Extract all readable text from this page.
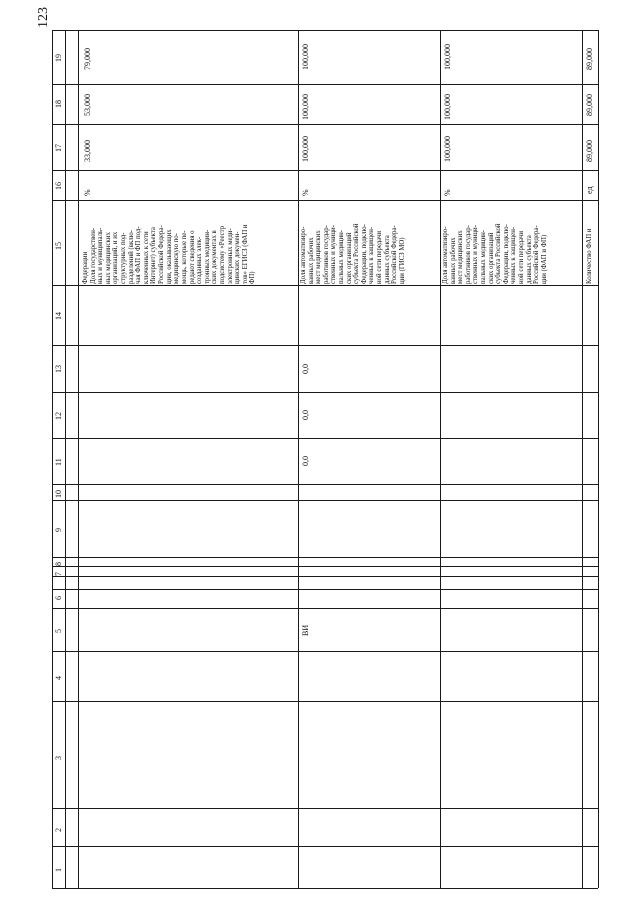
123
19
18
17
16
15
14
13
12
11
10
9
8
7
6
5
4
3
2
1
79,000
53,000
33,000
%
Федерации
Доля государствен-
ных и муниципаль-
ных медицинских
организаций, и их
структурных под-
разделений (вклю-
чая ФАП и ФП под-
ключенных к сети
Интернет) субъекта
Российской Федера-
ции, оказывающих
медицинскую по-
мощь, которые пе-
редают сведения о
созданных элек-
тронных медицин-
ских документах в
подсистему «Реестр
электронных меди-
цинских докумен-
тов» ЕГИСЗ (ФАП и
ФП)
100,000
100,000
100,000
%
Доля автоматизиро-
ванных рабочих
мест медицинских
работников государ-
ственных и муници-
пальных медицин-
ских организаций
субъекта Российской
Федерации, подклю-
ченных к защищен-
ной сети передачи
данных субъекта
Российской Федера-
ции (ГИСЗ МО)
0,0
0,0
0,0
ВИ
100,000
100,000
100,000
%
Доля автоматизиро-
ванных рабочих
мест медицинских
работников государ-
ственных и муници-
пальных медицин-
ских организаций
субъекта Российской
Федерации, подклю-
ченных к защищен-
ной сети передачи
данных субъекта
Российской Федера-
ции (ФАП и ФП)
89,000
89,000
89,000
ед
Количество ФАП и
